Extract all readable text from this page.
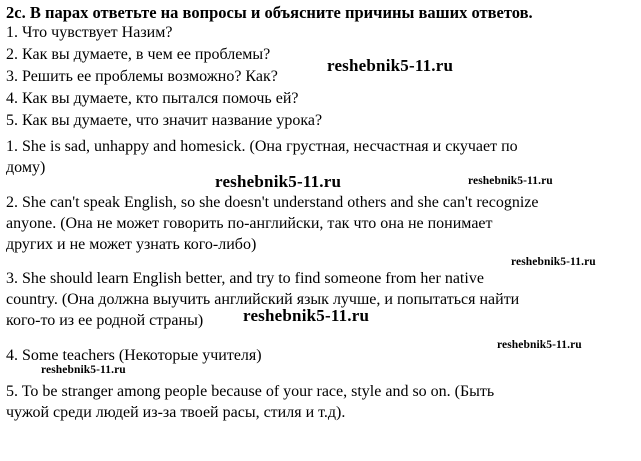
2c. В парах ответьте на вопросы и объясните причины ваших ответов.
1. Что чувствует Назим?
2. Как вы думаете, в чем ее проблемы?
3. Решить ее проблемы возможно? Как?
4. Как вы думаете, кто пытался помочь ей?
5. Как вы думаете, что значит название урока?
1. She is sad, unhappy and homesick. (Она грустная, несчастная и скучает по
дому)
2. She can't speak English, so she doesn't understand others and she can't recognize
anyone. (Она не может говорить по-английски, так что она не понимает
других и не может узнать кого-либо)
3. She should learn English better, and try to find someone from her native
country. (Она должна выучить английский язык лучше, и попытаться найти
кого-то из ее родной страны)
4. Some teachers (Некоторые учителя)
5. To be stranger among people because of your race, style and so on. (Быть
чужой среди людей из-за твоей расы, стиля и т.д).
reshebnik5-11.ru
reshebnik5-11.ru	reshebnik5-11.ru
reshebnik5-11.ru
reshebnik5-11.ru
reshebnik5-11.ru
reshebnik5-11.ru
